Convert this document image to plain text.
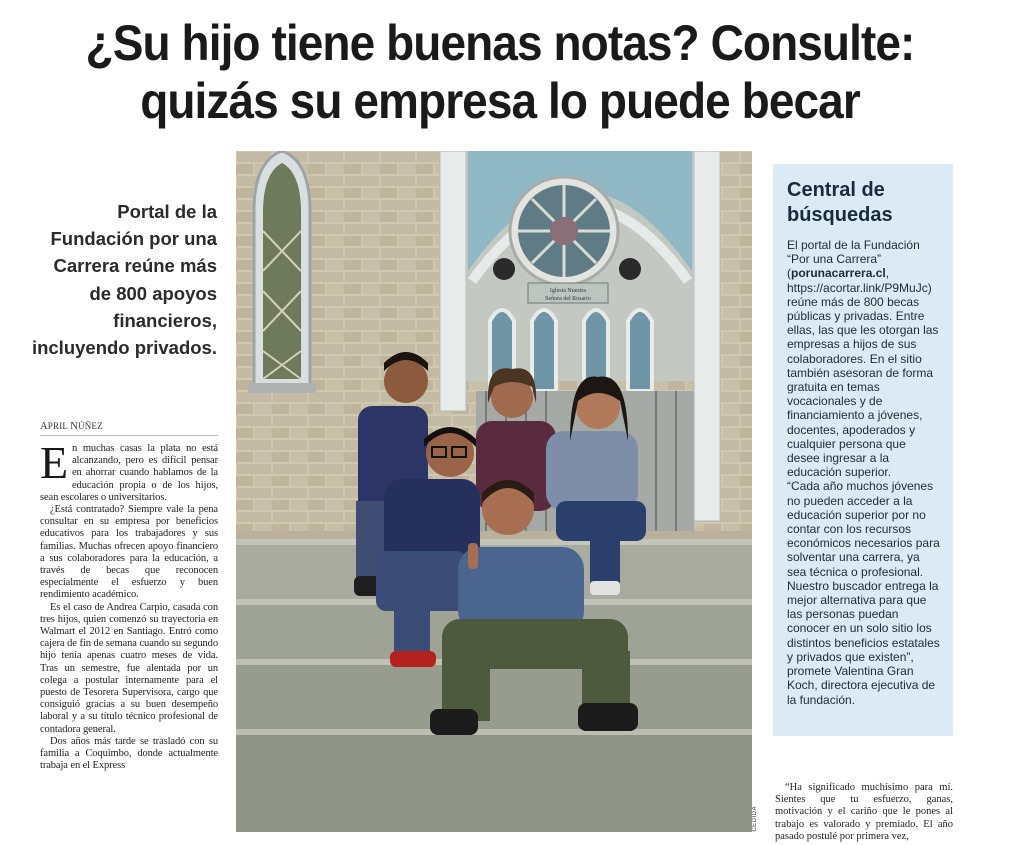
¿Su hijo tiene buenas notas? Consulte:
quizás su empresa lo puede becar

Portal de la Fundación por una Carrera reúne más de 800 apoyos financieros, incluyendo privados.

APRIL NÚÑEZ

En muchas casas la plata no está alcanzando, pero es difícil pensar en ahorrar cuando hablamos de la educación propia o de los hijos, sean escolares o universitarios.

¿Está contratado? Siempre vale la pena consultar en su empresa por beneficios educativos para los trabajadores y sus familias. Muchas ofrecen apoyo financiero a sus colaboradores para la educación, a través de becas que reconocen especialmente el esfuerzo y buen rendimiento académico.

Es el caso de Andrea Carpio, casada con tres hijos, quien comenzó su trayectoria en Walmart el 2012 en Santiago. Entró como cajera de fin de semana cuando su segundo hijo tenía apenas cuatro meses de vida. Tras un semestre, fue alentada por un colega a postular internamente para el puesto de Tesorera Supervisora, cargo que consiguió gracias a su buen desempeño laboral y a su título técnico profesional de contadora general.

Dos años más tarde se trasladó con su familia a Coquimbo, donde actualmente trabaja en el Express

Iglesia Nuestra
Señora del Rosario
CEDIDA
Central de búsquedas

El portal de la Fundación “Por una Carrera” (porunacarrera.cl, https://acortar.link/P9MuJc) reúne más de 800 becas públicas y privadas. Entre ellas, las que les otorgan las empresas a hijos de sus colaboradores. En el sitio también asesoran de forma gratuita en temas vocacionales y de financiamiento a jóvenes, docentes, apoderados y cualquier persona que desee ingresar a la educación superior.
“Cada año muchos jóvenes no pueden acceder a la educación superior por no contar con los recursos económicos necesarios para solventar una carrera, ya sea técnica o profesional. Nuestro buscador entrega la mejor alternativa para que las personas puedan conocer en un solo sitio los distintos beneficios estatales y privados que existen”, promete Valentina Gran Koch, directora ejecutiva de la fundación.

“Ha significado muchísimo para mí. Sientes que tu esfuerzo, ganas, motivación y el cariño que le pones al trabajo es valorado y premiado. El año pasado postulé por primera vez,
